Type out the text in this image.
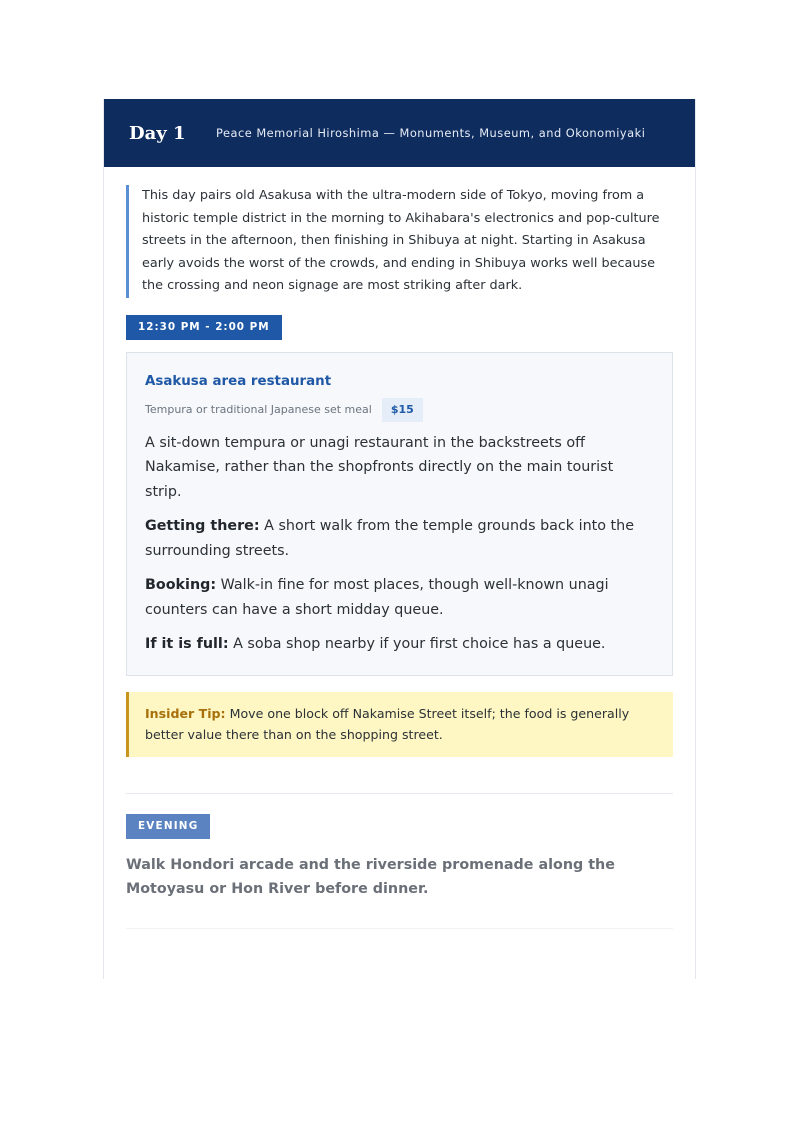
Day 1	Peace Memorial Hiroshima — Monuments, Museum, and Okonomiyaki
This day pairs old Asakusa with the ultra-modern side of Tokyo, moving from a historic temple district in the morning to Akihabara's electronics and pop-culture streets in the afternoon, then finishing in Shibuya at night. Starting in Asakusa early avoids the worst of the crowds, and ending in Shibuya works well because the crossing and neon signage are most striking after dark.
12:30 PM - 2:00 PM
Asakusa area restaurant
Tempura or traditional Japanese set meal	$15
A sit-down tempura or unagi restaurant in the backstreets off Nakamise, rather than the shopfronts directly on the main tourist strip.
Getting there: A short walk from the temple grounds back into the surrounding streets.
Booking: Walk-in fine for most places, though well-known unagi counters can have a short midday queue.
If it is full: A soba shop nearby if your first choice has a queue.
Insider Tip: Move one block off Nakamise Street itself; the food is generally better value there than on the shopping street.
EVENING
Walk Hondori arcade and the riverside promenade along the Motoyasu or Hon River before dinner.
